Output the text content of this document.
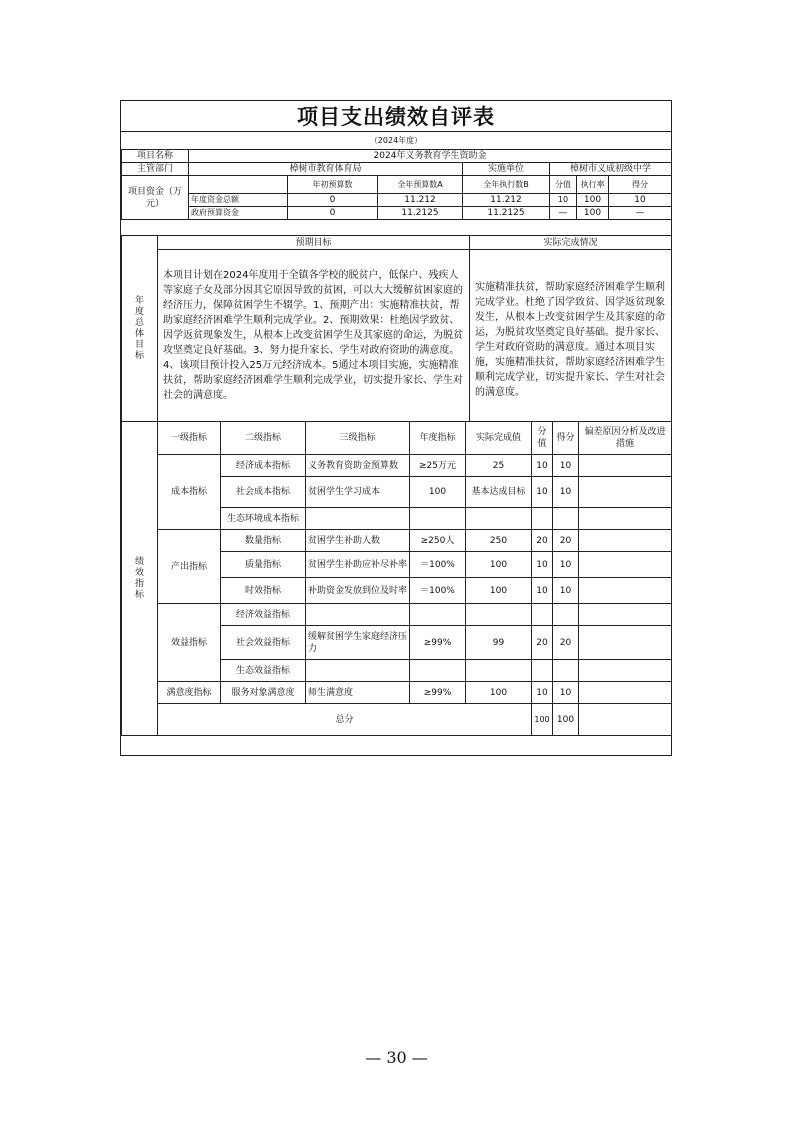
项目支出绩效自评表
（2024年度）
项目名称	2024年义务教育学生资助金						
主管部门	樟树市教育体育局			实施单位	樟树市义成初级中学		
项目资金（万元）		年初预算数	全年预算数A	全年执行数B	分值	执行率	得分
	年度资金总额	0	11.212	11.212	10	100	10
	政府预算资金	0	11.2125	11.2125	—	100	—
年度总体目标	预期目标	实际完成情况
	本项目计划在2024年度用于全镇各学校的脱贫户，低保户、残疾人等家庭子女及部分因其它原因导致的贫困，可以大大缓解贫困家庭的经济压力，保障贫困学生不辍学。1、预期产出：实施精准扶贫，帮助家庭经济困难学生顺利完成学业。2、预期效果：杜绝因学致贫、因学返贫现象发生，从根本上改变贫困学生及其家庭的命运，为脱贫攻坚奠定良好基础。3、努力提升家长、学生对政府资助的满意度。4、该项目预计投入25万元经济成本。5通过本项目实施，实施精准扶贫，帮助家庭经济困难学生顺利完成学业，切实提升家长、学生对社会的满意度。	实施精准扶贫，帮助家庭经济困难学生顺利完成学业。杜绝了因学致贫、因学返贫现象发生，从根本上改变贫困学生及其家庭的命运，为脱贫攻坚奠定良好基础。提升家长、学生对政府资助的满意度。通过本项目实施，实施精准扶贫，帮助家庭经济困难学生顺利完成学业，切实提升家长、学生对社会的满意度。
绩效指标	一级指标	二级指标	三级指标	年度指标	实际完成值	分值	得分	偏差原因分析及改进措施
	成本指标	经济成本指标	义务教育资助金预算数	≥25万元	25	10	10	
		社会成本指标	贫困学生学习成本	100	基本达成目标	10	10	
		生态环境成本指标						
	产出指标	数量指标	贫困学生补助人数	≥250人	250	20	20	
		质量指标	贫困学生补助应补尽补率	＝100%	100	10	10	
		时效指标	补助资金发放到位及时率	＝100%	100	10	10	
	效益指标	经济效益指标						
		社会效益指标	缓解贫困学生家庭经济压力	≥99%	99	20	20	
		生态效益指标						
	满意度指标	服务对象满意度	师生满意度	≥99%	100	10	10	
	总分					100	100	
— 30 —
